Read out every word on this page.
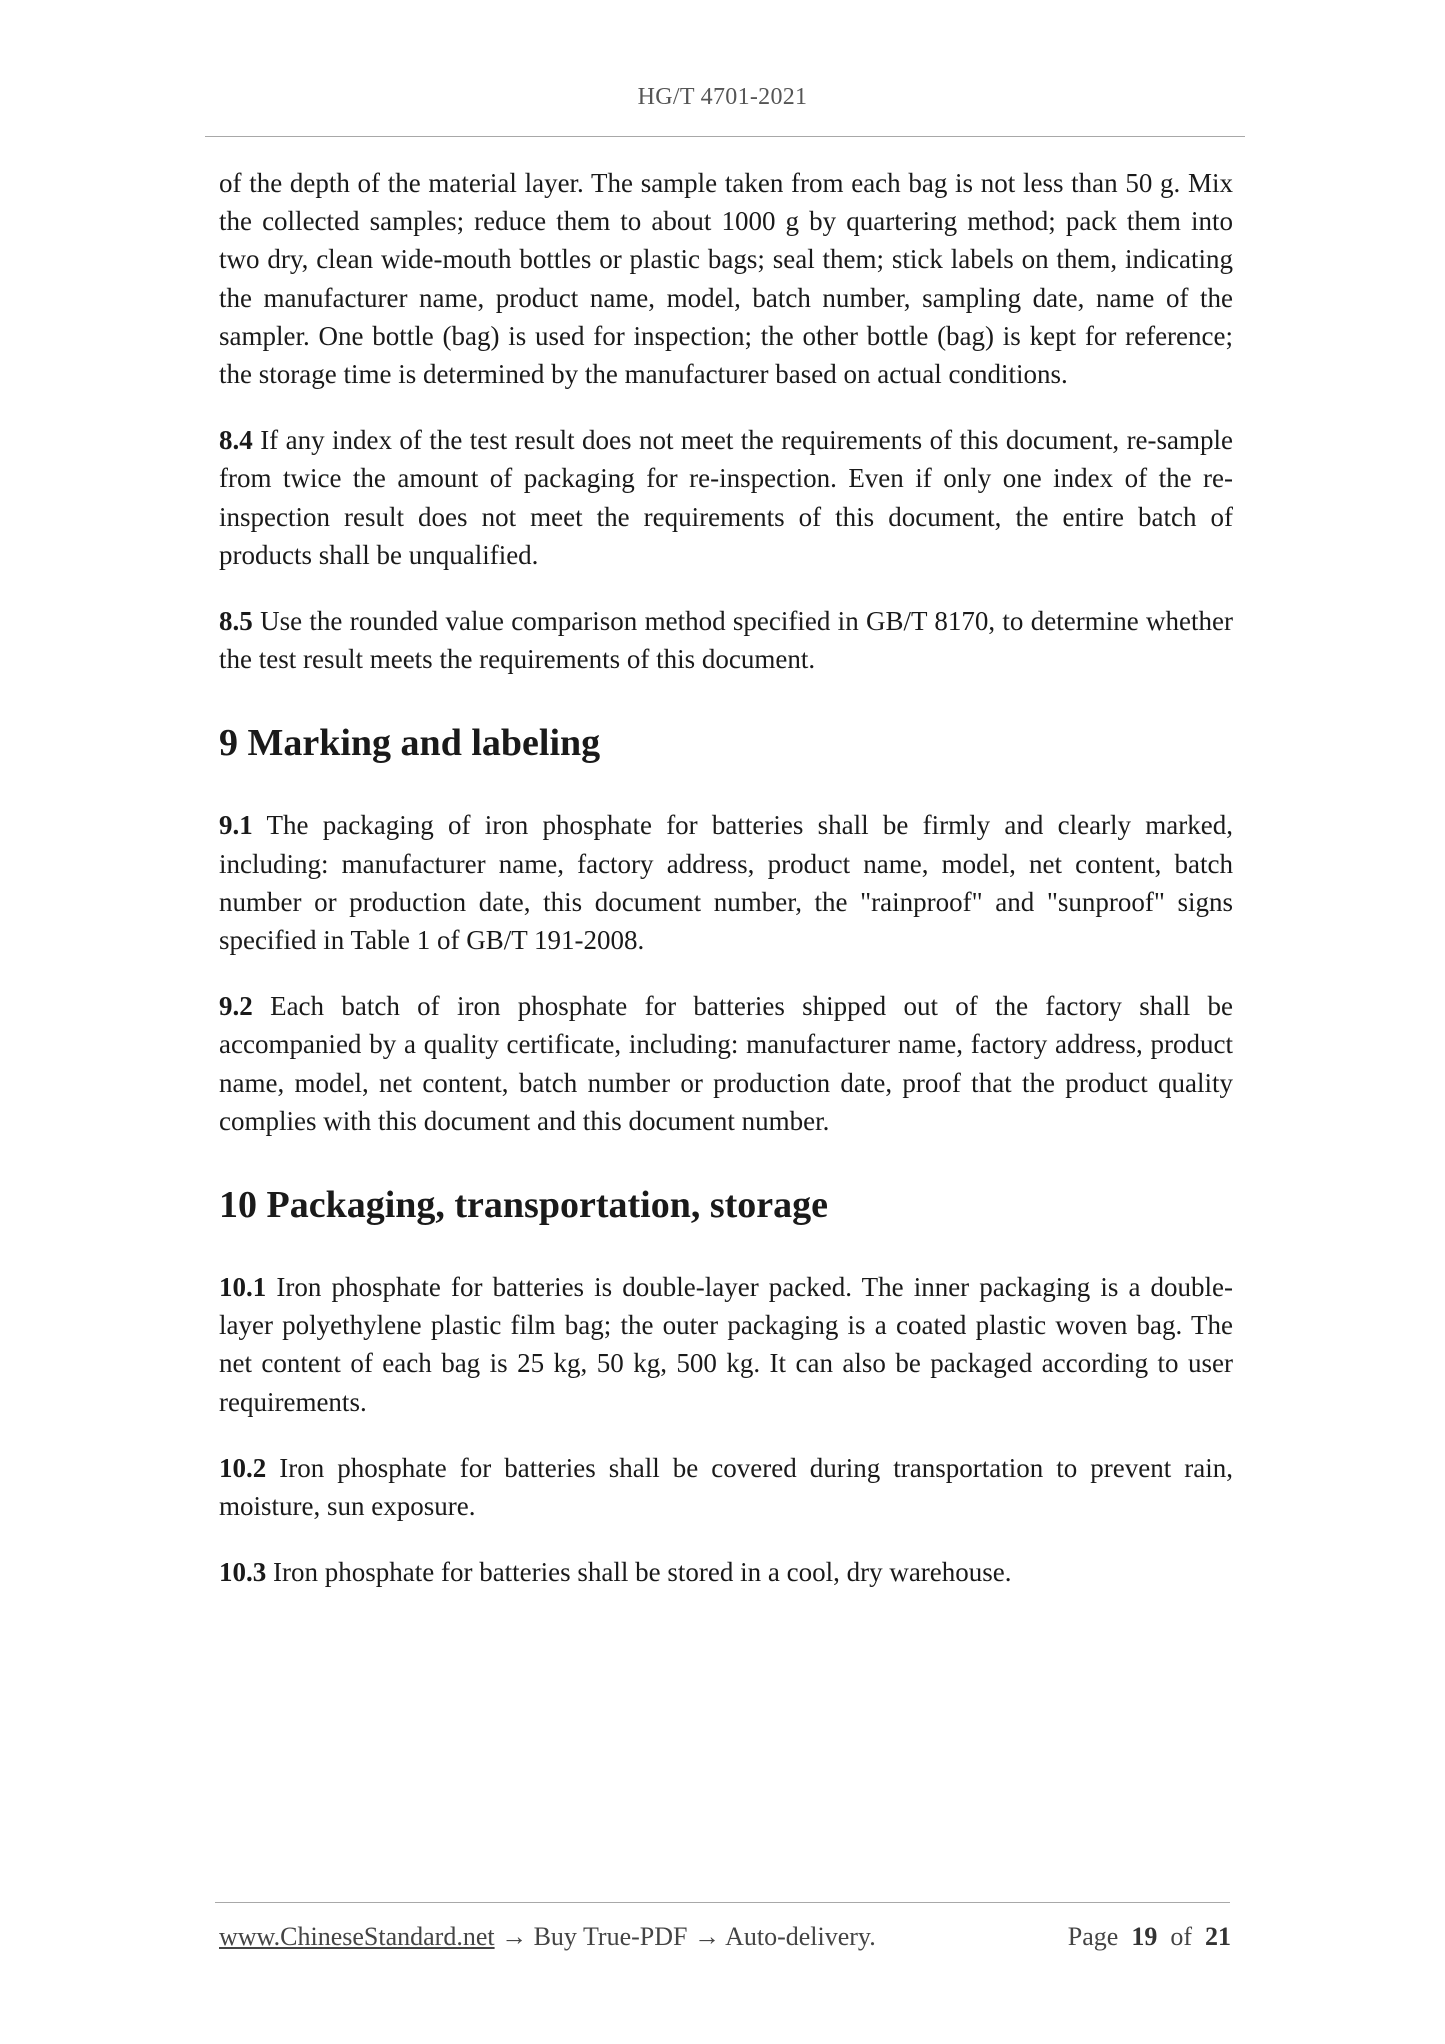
HG/T 4701-2021

of the depth of the material layer. The sample taken from each bag is not less than 50 g. Mix the collected samples; reduce them to about 1000 g by quartering method; pack them into two dry, clean wide-mouth bottles or plastic bags; seal them; stick labels on them, indicating the manufacturer name, product name, model, batch number, sampling date, name of the sampler. One bottle (bag) is used for inspection; the other bottle (bag) is kept for reference; the storage time is determined by the manufacturer based on actual conditions.

8.4 If any index of the test result does not meet the requirements of this document, re-sample from twice the amount of packaging for re-inspection. Even if only one index of the re-inspection result does not meet the requirements of this document, the entire batch of products shall be unqualified.

8.5 Use the rounded value comparison method specified in GB/T 8170, to determine whether the test result meets the requirements of this document.

9 Marking and labeling

9.1 The packaging of iron phosphate for batteries shall be firmly and clearly marked, including: manufacturer name, factory address, product name, model, net content, batch number or production date, this document number, the "rainproof" and "sunproof" signs specified in Table 1 of GB/T 191-2008.

9.2 Each batch of iron phosphate for batteries shipped out of the factory shall be accompanied by a quality certificate, including: manufacturer name, factory address, product name, model, net content, batch number or production date, proof that the product quality complies with this document and this document number.

10 Packaging, transportation, storage

10.1 Iron phosphate for batteries is double-layer packed. The inner packaging is a double-layer polyethylene plastic film bag; the outer packaging is a coated plastic woven bag. The net content of each bag is 25 kg, 50 kg, 500 kg. It can also be packaged according to user requirements.

10.2 Iron phosphate for batteries shall be covered during transportation to prevent rain, moisture, sun exposure.

10.3 Iron phosphate for batteries shall be stored in a cool, dry warehouse.

www.ChineseStandard.net → Buy True-PDF → Auto-delivery.	Page 19 of 21
